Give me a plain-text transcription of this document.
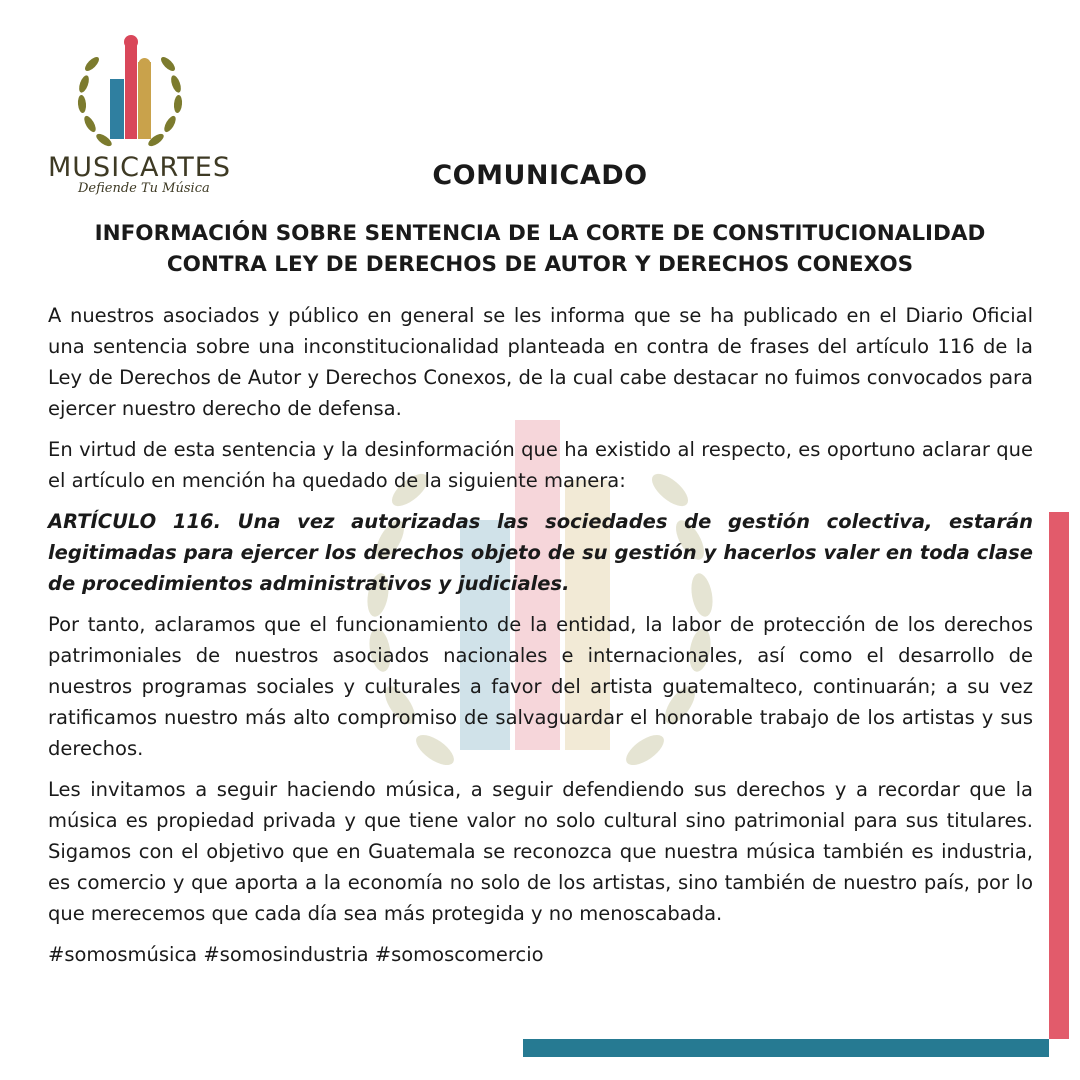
MUSICARTES
Defiende Tu Música	COMUNICADO
INFORMACIÓN SOBRE SENTENCIA DE LA CORTE DE CONSTITUCIONALIDAD
CONTRA LEY DE DERECHOS DE AUTOR Y DERECHOS CONEXOS

A nuestros asociados y público en general se les informa que se ha publicado en el Diario Oficial una sentencia sobre una inconstitucionalidad planteada en contra de frases del artículo 116 de la Ley de Derechos de Autor y Derechos Conexos, de la cual cabe destacar no fuimos convocados para ejercer nuestro derecho de defensa.

En virtud de esta sentencia y la desinformación que ha existido al respecto, es oportuno aclarar que el artículo en mención ha quedado de la siguiente manera:

ARTÍCULO 116. Una vez autorizadas las sociedades de gestión colectiva, estarán legitimadas para ejercer los derechos objeto de su gestión y hacerlos valer en toda clase de procedimientos administrativos y judiciales.

Por tanto, aclaramos que el funcionamiento de la entidad, la labor de protección de los derechos patrimoniales de nuestros asociados nacionales e internacionales, así como el desarrollo de nuestros programas sociales y culturales a favor del artista guatemalteco, continuarán; a su vez ratificamos nuestro más alto compromiso de salvaguardar el honorable trabajo de los artistas y sus derechos.

Les invitamos a seguir haciendo música, a seguir defendiendo sus derechos y a recordar que la música es propiedad privada y que tiene valor no solo cultural sino patrimonial para sus titulares. Sigamos con el objetivo que en Guatemala se reconozca que nuestra música también es industria, es comercio y que aporta a la economía no solo de los artistas, sino también de nuestro país, por lo que merecemos que cada día sea más protegida y no menoscabada.

#somosmúsica #somosindustria #somoscomercio
